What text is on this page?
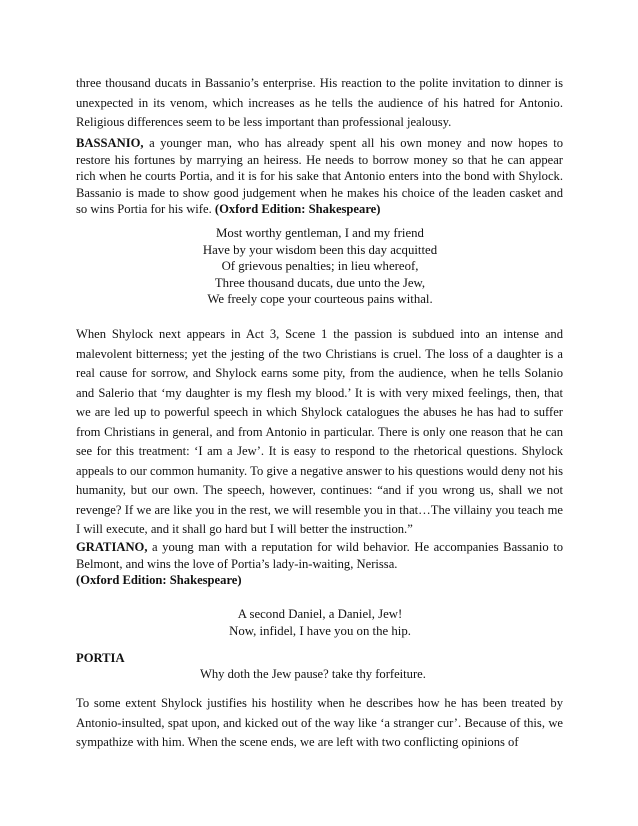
three thousand ducats in Bassanio’s enterprise. His reaction to the polite invitation to dinner is unexpected in its venom, which increases as he tells the audience of his hatred for Antonio. Religious differences seem to be less important than professional jealousy.

BASSANIO, a younger man, who has already spent all his own money and now hopes to restore his fortunes by marrying an heiress. He needs to borrow money so that he can appear rich when he courts Portia, and it is for his sake that Antonio enters into the bond with Shylock. Bassanio is made to show good judgement when he makes his choice of the leaden casket and so wins Portia for his wife. (Oxford Edition: Shakespeare)

Most worthy gentleman, I and my friend
Have by your wisdom been this day acquitted
Of grievous penalties; in lieu whereof,
Three thousand ducats, due unto the Jew,
We freely cope your courteous pains withal.

When Shylock next appears in Act 3, Scene 1 the passion is subdued into an intense and malevolent bitterness; yet the jesting of the two Christians is cruel. The loss of a daughter is a real cause for sorrow, and Shylock earns some pity, from the audience, when he tells Solanio and Salerio that ‘my daughter is my flesh my blood.’ It is with very mixed feelings, then, that we are led up to powerful speech in which Shylock catalogues the abuses he has had to suffer from Christians in general, and from Antonio in particular. There is only one reason that he can see for this treatment: ‘I am a Jew’. It is easy to respond to the rhetorical questions. Shylock appeals to our common humanity. To give a negative answer to his questions would deny not his humanity, but our own. The speech, however, continues: “and if you wrong us, shall we not revenge? If we are like you in the rest, we will resemble you in that…The villainy you teach me I will execute, and it shall go hard but I will better the instruction.”

GRATIANO, a young man with a reputation for wild behavior. He accompanies Bassanio to Belmont, and wins the love of Portia’s lady-in-waiting, Nerissa.
(Oxford Edition: Shakespeare)

A second Daniel, a Daniel, Jew!
Now, infidel, I have you on the hip.
PORTIA
Why doth the Jew pause? take thy forfeiture.

To some extent Shylock justifies his hostility when he describes how he has been treated by Antonio-insulted, spat upon, and kicked out of the way like ‘a stranger cur’. Because of this, we sympathize with him. When the scene ends, we are left with two conflicting opinions of
